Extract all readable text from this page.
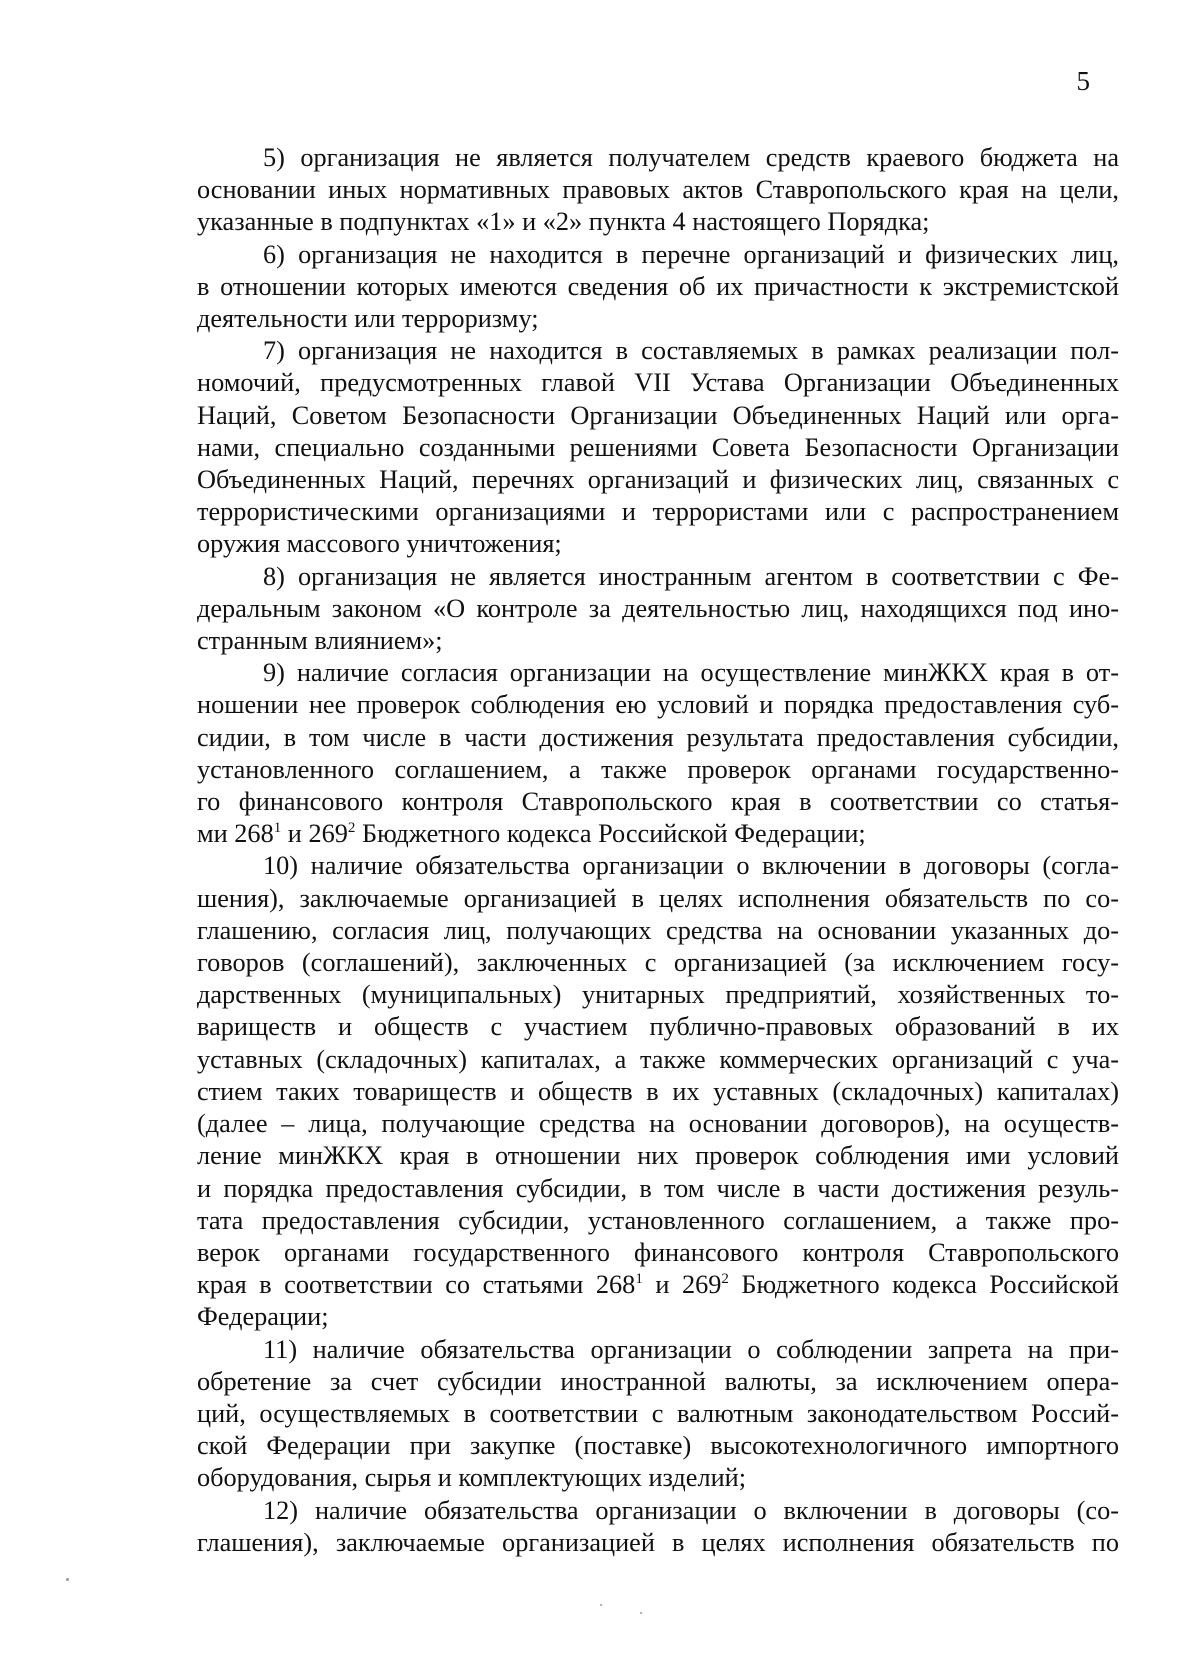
5

5) организация не является получателем средств краевого бюджета на
основании иных нормативных правовых актов Ставропольского края на цели,
указанные в подпунктах «1» и «2» пункта 4 настоящего Порядка;

6) организация не находится в перечне организаций и физических лиц,
в отношении которых имеются сведения об их причастности к экстремистской
деятельности или терроризму;

7) организация не находится в составляемых в рамках реализации пол-
номочий, предусмотренных главой VII Устава Организации Объединенных
Наций, Советом Безопасности Организации Объединенных Наций или орга-
нами, специально созданными решениями Совета Безопасности Организации
Объединенных Наций, перечнях организаций и физических лиц, связанных с
террористическими организациями и террористами или с распространением
оружия массового уничтожения;

8) организация не является иностранным агентом в соответствии с Фе-
деральным законом «О контроле за деятельностью лиц, находящихся под ино-
странным влиянием»;

9) наличие согласия организации на осуществление минЖКХ края в от-
ношении нее проверок соблюдения ею условий и порядка предоставления суб-
сидии, в том числе в части достижения результата предоставления субсидии,
установленного соглашением, а также проверок органами государственно-
го финансового контроля Ставропольского края в соответствии со статья-
ми $268^1$ и $269^2$ Бюджетного кодекса Российской Федерации;

10) наличие обязательства организации о включении в договоры (согла-
шения), заключаемые организацией в целях исполнения обязательств по со-
глашению, согласия лиц, получающих средства на основании указанных до-
говоров (соглашений), заключенных с организацией (за исключением госу-
дарственных (муниципальных) унитарных предприятий, хозяйственных то-
вариществ и обществ с участием публично-правовых образований в их
уставных (складочных) капиталах, а также коммерческих организаций с уча-
стием таких товариществ и обществ в их уставных (складочных) капиталах)
(далее – лица, получающие средства на основании договоров), на осуществ-
ление минЖКХ края в отношении них проверок соблюдения ими условий
и порядка предоставления субсидии, в том числе в части достижения резуль-
тата предоставления субсидии, установленного соглашением, а также про-
верок органами государственного финансового контроля Ставропольского
края в соответствии со статьями $268^1$ и $269^2$ Бюджетного кодекса Российской
Федерации;

11) наличие обязательства организации о соблюдении запрета на при-
обретение за счет субсидии иностранной валюты, за исключением опера-
ций, осуществляемых в соответствии с валютным законодательством Россий-
ской Федерации при закупке (поставке) высокотехнологичного импортного
оборудования, сырья и комплектующих изделий;

12) наличие обязательства организации о включении в договоры (со-
глашения), заключаемые организацией в целях исполнения обязательств по
